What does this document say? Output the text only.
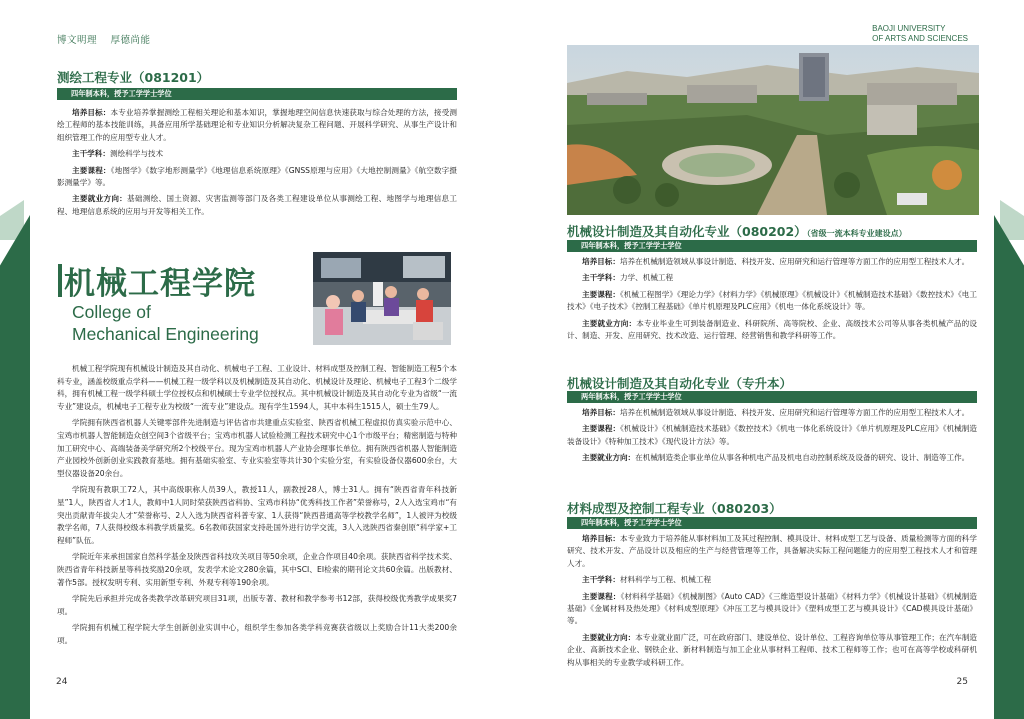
博文明理 厚德尚能
测绘工程专业（081201）
四年制本科，授予工学学士学位

培养目标：本专业培养掌握测绘工程相关理论和基本知识，掌握地理空间信息快速获取与综合处理的方法，接受测绘工程师的基本技能训练，具备应用所学基础理论和专业知识分析解决复杂工程问题、开展科学研究、从事生产设计和组织管理工作的应用型专业人才。

主干学科：测绘科学与技术

主要课程：《地图学》《数字地形测量学》《地理信息系统原理》《GNSS原理与应用》《大地控制测量》《航空数字摄影测量学》等。

主要就业方向：基础测绘、国土资源、灾害监测等部门及各类工程建设单位从事测绘工程、地图学与地理信息工程、地理信息系统的应用与开发等相关工作。

机械工程学院
College of
Mechanical Engineering

机械工程学院现有机械设计制造及其自动化、机械电子工程、工业设计、材料成型及控制工程、智能制造工程5个本科专业，涵盖校级重点学科——机械工程一级学科以及机械制造及其自动化、机械设计及理论、机械电子工程3个二级学科，拥有机械工程一级学科硕士学位授权点和机械硕士专业学位授权点。其中机械设计制造及其自动化专业为省级“一流专业”建设点，机械电子工程专业为校级“一流专业”建设点。现有学生1594人，其中本科生1515人，硕士生79人。

学院拥有陕西省机器人关键零部件先进制造与评估省市共建重点实验室、陕西省机械工程虚拟仿真实验示范中心、宝鸡市机器人智能制造众创空间3个省级平台；宝鸡市机器人试验检测工程技术研究中心1个市级平台；精密制造与特种加工研究中心、高端装备美学研究所2个校级平台。现为宝鸡市机器人产业协会理事长单位。拥有陕西省机器人智能制造产业园校外创新创业实践教育基地。拥有基础实验室、专业实验室等共计30个实验分室，有实验设备仪器600余台，大型仪器设备20余台。

学院现有教职工72人，其中高级职称人员39人，教授11人，副教授28人，博士31人。拥有“陕西省青年科技新星”1人，陕西省人才1人，教师中1人同时荣获陕西省科协、宝鸡市科协“优秀科技工作者”荣誉称号，2人入选宝鸡市“有突出贡献青年拔尖人才”荣誉称号、2人入选为陕西省科普专家、1人获得“陕西普通高等学校教学名师”，1人被评为校级教学名师，7人获得校级本科教学质量奖。6名教师获国家支持赴国外进行访学交流，3人入选陕西省秦创原“科学家+工程师”队伍。

学院近年来承担国家自然科学基金及陕西省科技攻关项目等50余项，企业合作项目40余项。获陕西省科学技术奖、陕西省青年科技新星等科技奖励20余项，发表学术论文280余篇，其中SCI、EI检索的期刊论文共60余篇。出版教材、著作5部。授权发明专利、实用新型专利、外观专利等190余项。

学院先后承担并完成各类教学改革研究项目31项，出版专著、教材和教学参考书12部，获得校级优秀教学成果奖7项。

学院拥有机械工程学院大学生创新创业实训中心，组织学生参加各类学科竞赛获省级以上奖励合计11大类200余项。

24
BAOJI UNIVERSITY
OF ARTS AND SCIENCES
机械设计制造及其自动化专业（080202）（省级一流本科专业建设点）
四年制本科，授予工学学士学位

培养目标：培养在机械制造领域从事设计制造、科技开发、应用研究和运行管理等方面工作的应用型工程技术人才。

主干学科：力学、机械工程

主要课程：《机械工程图学》《理论力学》《材料力学》《机械原理》《机械设计》《机械制造技术基础》《数控技术》《电工技术》《电子技术》《控制工程基础》《单片机原理及PLC应用》《机电一体化系统设计》等。

主要就业方向：本专业毕业生可到装备制造业、科研院所、高等院校、企业、高级技术公司等从事各类机械产品的设计、制造、开发、应用研究、技术改造、运行管理、经营销售和教学科研等工作。

机械设计制造及其自动化专业（专升本）
两年制本科，授予工学学士学位

培养目标：培养在机械制造领域从事设计制造、科技开发、应用研究和运行管理等方面工作的应用型工程技术人才。

主要课程：《机械设计》《机械制造技术基础》《数控技术》《机电一体化系统设计》《单片机原理及PLC应用》《机械制造装备设计》《特种加工技术》《现代设计方法》等。

主要就业方向：在机械制造类企事业单位从事各种机电产品及机电自动控制系统及设备的研究、设计、制造等工作。

材料成型及控制工程专业（080203）
四年制本科，授予工学学士学位

培养目标：本专业致力于培养能从事材料加工及其过程控制、模具设计、材料成型工艺与设备、质量检测等方面的科学研究、技术开发、产品设计以及相应的生产与经营管理等工作，具备解决实际工程问题能力的应用型工程技术人才和管理人才。

主干学科：材料科学与工程、机械工程

主要课程：《材料科学基础》《机械制图》《Auto CAD》《三维造型设计基础》《材料力学》《机械设计基础》《机械制造基础》《金属材料及热处理》《材料成型原理》《冲压工艺与模具设计》《塑料成型工艺与模具设计》《CAD模具设计基础》等。

主要就业方向：本专业就业面广泛，可在政府部门、建设单位、设计单位、工程咨询单位等从事管理工作；在汽车制造企业、高新技术企业、钢铁企业、新材料制造与加工企业从事材料工程师、技术工程师等工作；也可在高等学校或科研机构从事相关的专业教学或科研工作。

25
